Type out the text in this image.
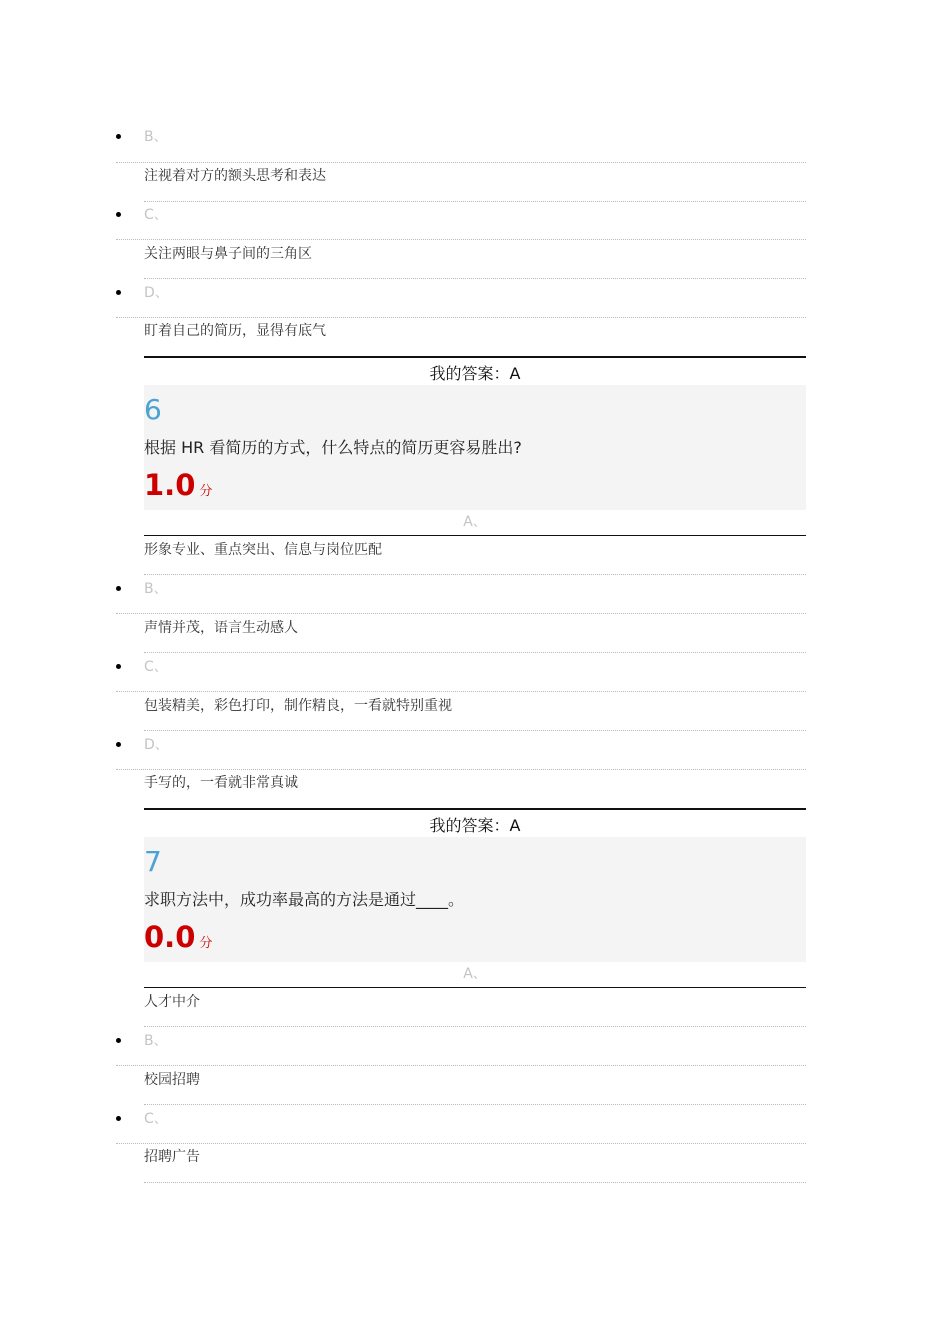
B、
注视着对方的额头思考和表达
C、
关注两眼与鼻子间的三角区
D、
盯着自己的简历，显得有底气
我的答案：A
6
根据 HR 看简历的方式，什么特点的简历更容易胜出?
1.0 分
A、
形象专业、重点突出、信息与岗位匹配
B、
声情并茂，语言生动感人
C、
包装精美，彩色打印，制作精良，一看就特别重视
D、
手写的，一看就非常真诚
我的答案：A
7
求职方法中，成功率最高的方法是通过____。
0.0 分
A、
人才中介
B、
校园招聘
C、
招聘广告
